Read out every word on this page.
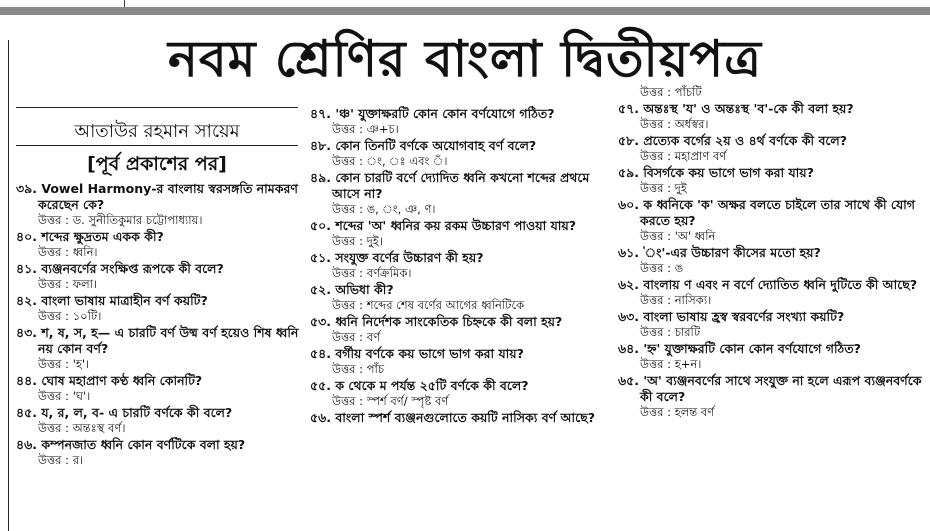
নবম শ্রেণির বাংলা দ্বিতীয়পত্র
আতাউর রহমান সায়েম
[পূর্ব প্রকাশের পর]
৩৯. Vowel Harmony-র বাংলায় স্বরসঙ্গতি নামকরণ করেছেন কে?
উত্তর : ড. সুনীতিকুমার চট্টোপাধ্যায়।
৪০. শব্দের ক্ষুদ্রতম একক কী?
উত্তর : ধ্বনি।
৪১. ব্যঞ্জনবর্ণের সংক্ষিপ্ত রূপকে কী বলে?
উত্তর : ফলা।
৪২. বাংলা ভাষায় মাত্রাহীন বর্ণ কয়টি?
উত্তর : ১০টি।
৪৩. শ, ষ, স, হ— এ চারটি বর্ণ উষ্ম বর্ণ হয়েও শিষ ধ্বনি নয় কোন বর্ণ?
উত্তর : 'হ'।
৪৪. ঘোষ মহাপ্রাণ কণ্ঠ ধ্বনি কোনটি?
উত্তর : 'ঘ'।
৪৫. য, র, ল, ব- এ চারটি বর্ণকে কী বলে?
উত্তর : অন্তঃস্থ বর্ণ।
৪৬. কম্পনজাত ধ্বনি কোন বর্ণটিকে বলা হয়?
উত্তর : র।
৪৭. 'ঞ্চ' যুক্তাক্ষরটি কোন কোন বর্ণযোগে গঠিত?
উত্তর : ঞ+চ।
৪৮. কোন তিনটি বর্ণকে অযোগবাহ বর্ণ বলে?
উত্তর : ং, ঃ এবং ঁ।
৪৯. কোন চারটি বর্ণে দ্যোদিত ধ্বনি কখনো শব্দের প্রথমে আসে না?
উত্তর : ঙ, ং, ঞ, ণ।
৫০. শব্দের 'অ' ধ্বনির কয় রকম উচ্চারণ পাওয়া যায়?
উত্তর : দুই।
৫১. সংযুক্ত বর্ণের উচ্চারণ কী হয়?
উত্তর : বর্ণক্রমিক।
৫২. অভিধা কী?
উত্তর : শব্দের শেষ বর্ণের আগের ধ্বনিটিকে
৫৩. ধ্বনি নির্দেশক সাংকেতিক চিহ্নকে কী বলা হয়?
উত্তর : বর্ণ
৫৪. বর্গীয় বর্ণকে কয় ভাগে ভাগ করা যায়?
উত্তর : পাঁচ
৫৫. ক থেকে ম পর্যন্ত ২৫টি বর্ণকে কী বলে?
উত্তর : স্পর্শ বর্ণ/ স্পৃষ্ট বর্ণ
৫৬. বাংলা স্পর্শ ব্যঞ্জনগুলোতে কয়টি নাসিক্য বর্ণ আছে?
উত্তর : পাঁচটি
৫৭. অন্তঃস্থ 'য' ও অন্তঃস্থ 'ব'-কে কী বলা হয়?
উত্তর : অর্ধস্বর।
৫৮. প্রত্যেক বর্গের ২য় ও ৪র্থ বর্ণকে কী বলে?
উত্তর : মহাপ্রাণ বর্ণ
৫৯. বিসর্গকে কয় ভাগে ভাগ করা যায়?
উত্তর : দুই
৬০. ক ধ্বনিকে 'ক' অক্ষর বলতে চাইলে তার সাথে কী যোগ করতে হয়?
উত্তর : 'অ' ধ্বনি
৬১. 'ং'-এর উচ্চারণ কীসের মতো হয়?
উত্তর : ঙ
৬২. বাংলায় ণ এবং ন বর্ণে দ্যোতিত ধ্বনি দুটিতে কী আছে?
উত্তর : নাসিক্য।
৬৩. বাংলা ভাষায় হ্রস্ব স্বরবর্ণের সংখ্যা কয়টি?
উত্তর : চারটি
৬৪. 'হ্ন' যুক্তাক্ষরটি কোন কোন বর্ণযোগে গঠিত?
উত্তর : হ+ন।
৬৫. 'অ' ব্যঞ্জনবর্ণের সাথে সংযুক্ত না হলে এরূপ ব্যঞ্জনবর্ণকে কী বলে?
উত্তর : হলন্ত বর্ণ
